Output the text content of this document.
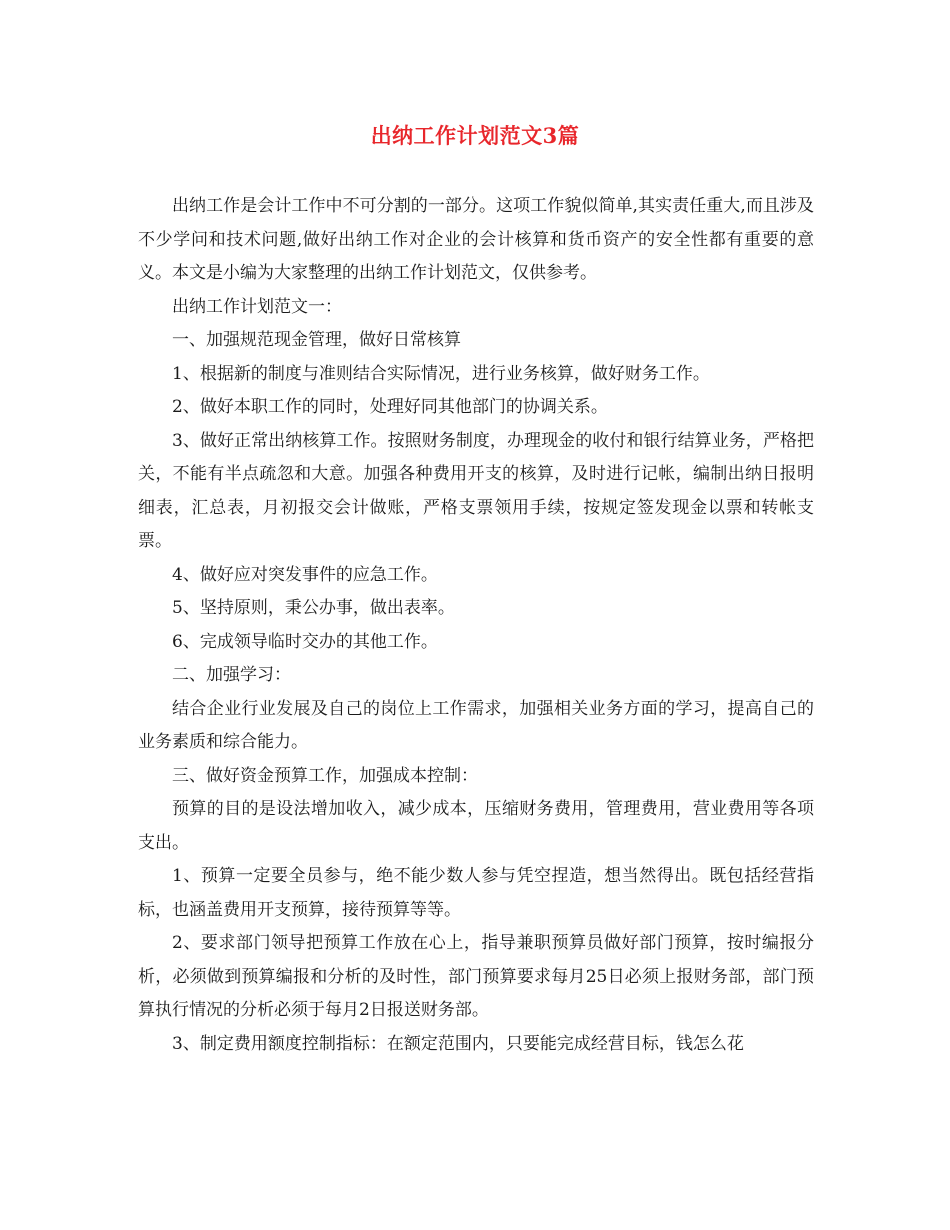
出纳工作计划范文3篇

出纳工作是会计工作中不可分割的一部分。这项工作貌似简单,其实责任重大,而且涉及不少学问和技术问题,做好出纳工作对企业的会计核算和货币资产的安全性都有重要的意义。本文是小编为大家整理的出纳工作计划范文，仅供参考。

出纳工作计划范文一：

一、加强规范现金管理，做好日常核算

1、根据新的制度与准则结合实际情况，进行业务核算，做好财务工作。

2、做好本职工作的同时，处理好同其他部门的协调关系。

3、做好正常出纳核算工作。按照财务制度，办理现金的收付和银行结算业务，严格把关，不能有半点疏忽和大意。加强各种费用开支的核算，及时进行记帐，编制出纳日报明细表，汇总表，月初报交会计做账，严格支票领用手续，按规定签发现金以票和转帐支票。

4、做好应对突发事件的应急工作。

5、坚持原则，秉公办事，做出表率。

6、完成领导临时交办的其他工作。

二、加强学习：

结合企业行业发展及自己的岗位上工作需求，加强相关业务方面的学习，提高自己的业务素质和综合能力。

三、做好资金预算工作，加强成本控制：

预算的目的是设法增加收入，减少成本，压缩财务费用，管理费用，营业费用等各项支出。

1、预算一定要全员参与，绝不能少数人参与凭空捏造，想当然得出。既包括经营指标，也涵盖费用开支预算，接待预算等等。

2、要求部门领导把预算工作放在心上，指导兼职预算员做好部门预算，按时编报分析，必须做到预算编报和分析的及时性，部门预算要求每月25日必须上报财务部，部门预算执行情况的分析必须于每月2日报送财务部。

3、制定费用额度控制指标：在额定范围内，只要能完成经营目标，钱怎么花
